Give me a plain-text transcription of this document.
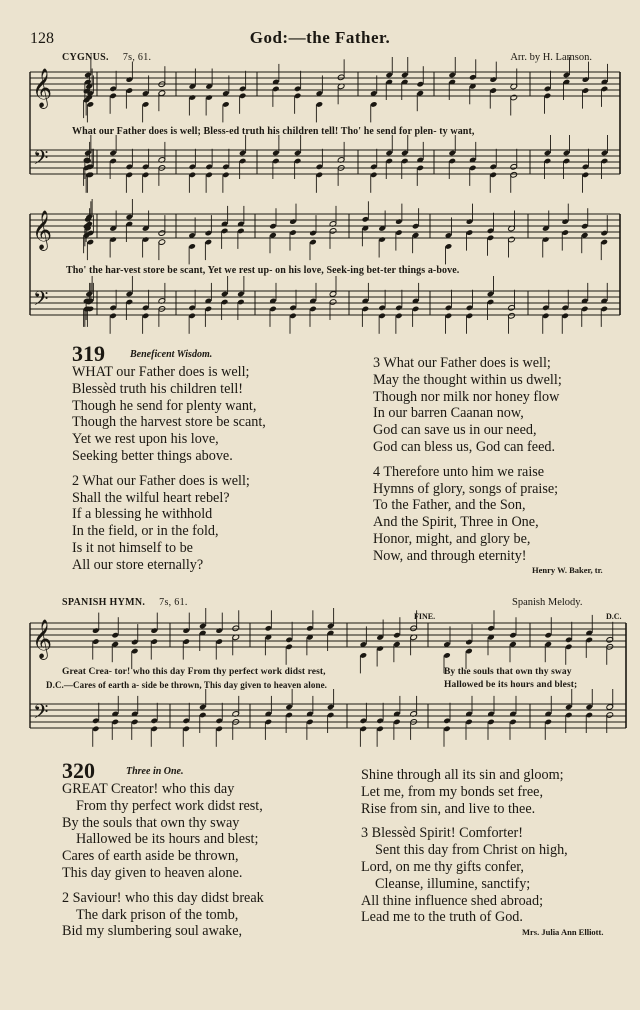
128	God:—the Father.
CYGNUS. 7s, 61.	Arr. by H. Lamson.
𝄞
𝄢
𝄞
𝄢
𝄞
𝄢
What our Father does is well; Bless-ed truth his children tell! Tho' he send for plen- ty want,
Tho' the har-vest store be scant, Yet we rest up- on his love, Seek-ing bet-ter things a-bove.
319	Beneficent Wisdom.
WHAT our Father does is well;
Blessèd truth his children tell!
Though he send for plenty want,
Though the harvest store be scant,
Yet we rest upon his love,
Seeking better things above.

2 What our Father does is well;
Shall the wilful heart rebel?
If a blessing he withhold
In the field, or in the fold,
Is it not himself to be
All our store eternally?
3 What our Father does is well;
May the thought within us dwell;
Though nor milk nor honey flow
In our barren Caanan now,
God can save us in our need,
God can bless us, God can feed.

4 Therefore unto him we raise
Hymns of glory, songs of praise;
To the Father, and the Son,
And the Spirit, Three in One,
Honor, might, and glory be,
Now, and through eternity!
Henry W. Baker, tr.
SPANISH HYMN. 7s, 61.	Spanish Melody.
FINE.	D.C.
Great Crea- tor! who this day From thy perfect work didst rest,
D.C.—Cares of earth a- side be thrown, This day given to heaven alone.
By the souls that own thy sway
Hallowed be its hours and blest;
320	Three in One.
GREAT Creator! who this day
From thy perfect work didst rest,
By the souls that own thy sway
Hallowed be its hours and blest;
Cares of earth aside be thrown,
This day given to heaven alone.

2 Saviour! who this day didst break
The dark prison of the tomb,
Bid my slumbering soul awake,
Shine through all its sin and gloom;
Let me, from my bonds set free,
Rise from sin, and live to thee.

3 Blessèd Spirit! Comforter!
Sent this day from Christ on high,
Lord, on me thy gifts confer,
Cleanse, illumine, sanctify;
All thine influence shed abroad;
Lead me to the truth of God.
Mrs. Julia Ann Elliott.
